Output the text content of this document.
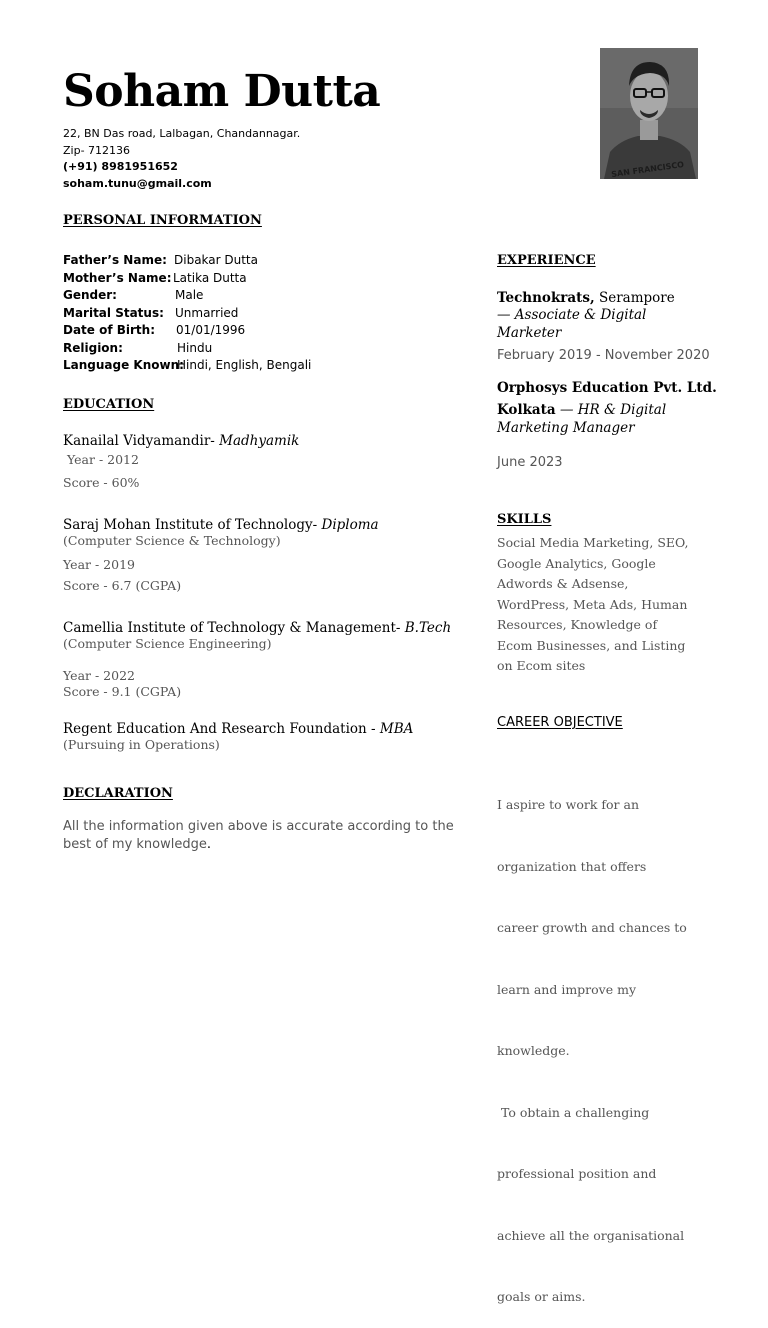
Soham Dutta
22, BN Das road, Lalbagan, Chandannagar.
Zip- 712136
(+91) 8981951652
soham.tunu@gmail.com
SAN FRANCISCO
PERSONAL INFORMATION
Father’s Name: Dibakar Dutta
Mother’s Name: Latika Dutta
Gender:	Male
Marital Status: Unmarried
Date of Birth: 01/01/1996
Religion:	Hindu
Language Known:
Hindi, English, Bengali
EDUCATION
Kanailal Vidyamandir- Madhyamik
Year - 2012
Score - 60%
Saraj Mohan Institute of Technology- Diploma
(Computer Science & Technology)
Year - 2019
Score - 6.7 (CGPA)
Camellia Institute of Technology & Management- B.Tech
(Computer Science Engineering)
Year - 2022
Score - 9.1 (CGPA)
Regent Education And Research Foundation - MBA
(Pursuing in Operations)
DECLARATION
All the information given above is accurate according to the best of my knowledge.
EXPERIENCE
Technokrats, Serampore
— Associate & Digital
Marketer
February 2019 - November 2020
Orphosys Education Pvt. Ltd.
Kolkata — HR & Digital
Marketing Manager
June 2023
SKILLS
Social Media Marketing, SEO,
Google Analytics, Google
Adwords & Adsense,
WordPress, Meta Ads, Human
Resources, Knowledge of
Ecom Businesses, and Listing
on Ecom sites
CAREER OBJECTIVE

I aspire to work for an

organization that offers

career growth and chances to

learn and improve my

knowledge.

To obtain a challenging

professional position and

achieve all the organisational

goals or aims.
